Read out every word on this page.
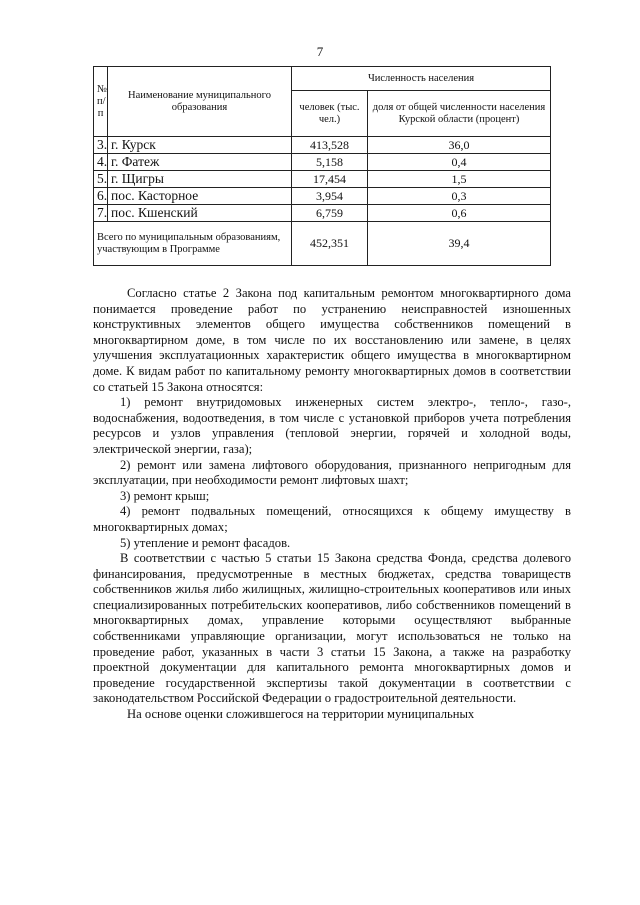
7
№ п/п	Наименование муниципального образования	Численность населения	
		человек (тыс. чел.)	доля от общей численности населения Курской области (процент)
3.	г. Курск	413,528	36,0
4.	г. Фатеж	5,158	0,4
5.	г. Щигры	17,454	1,5
6.	пос. Касторное	3,954	0,3
7.	пос. Кшенский	6,759	0,6
Всего по муниципальным образованиям, участвующим в Программе		452,351	39,4

Согласно статье 2 Закона под капитальным ремонтом многоквартирного дома понимается проведение работ по устранению неисправностей изношенных конструктивных элементов общего имущества собственников помещений в многоквартирном доме, в том числе по их восстановлению или замене, в целях улучшения эксплуатационных характеристик общего имущества в многоквартирном доме. К видам работ по капитальному ремонту многоквартирных домов в соответствии со статьей 15 Закона относятся:

1) ремонт внутридомовых инженерных систем электро-, тепло-, газо-, водоснабжения, водоотведения, в том числе с установкой приборов учета потребления ресурсов и узлов управления (тепловой энергии, горячей и холодной воды, электрической энергии, газа);

2) ремонт или замена лифтового оборудования, признанного непригодным для эксплуатации, при необходимости ремонт лифтовых шахт;

3) ремонт крыш;

4) ремонт подвальных помещений, относящихся к общему имуществу в многоквартирных домах;

5) утепление и ремонт фасадов.

В соответствии с частью 5 статьи 15 Закона средства Фонда, средства долевого финансирования, предусмотренные в местных бюджетах, средства товариществ собственников жилья либо жилищных, жилищно-строительных кооперативов или иных специализированных потребительских кооперативов, либо собственников помещений в многоквартирных домах, управление которыми осуществляют выбранные собственниками управляющие организации, могут использоваться не только на проведение работ, указанных в части 3 статьи 15 Закона, а также на разработку проектной документации для капитального ремонта многоквартирных домов и проведение государственной экспертизы такой документации в соответствии с законодательством Российской Федерации о градостроительной деятельности.

На основе оценки сложившегося на территории муниципальных
